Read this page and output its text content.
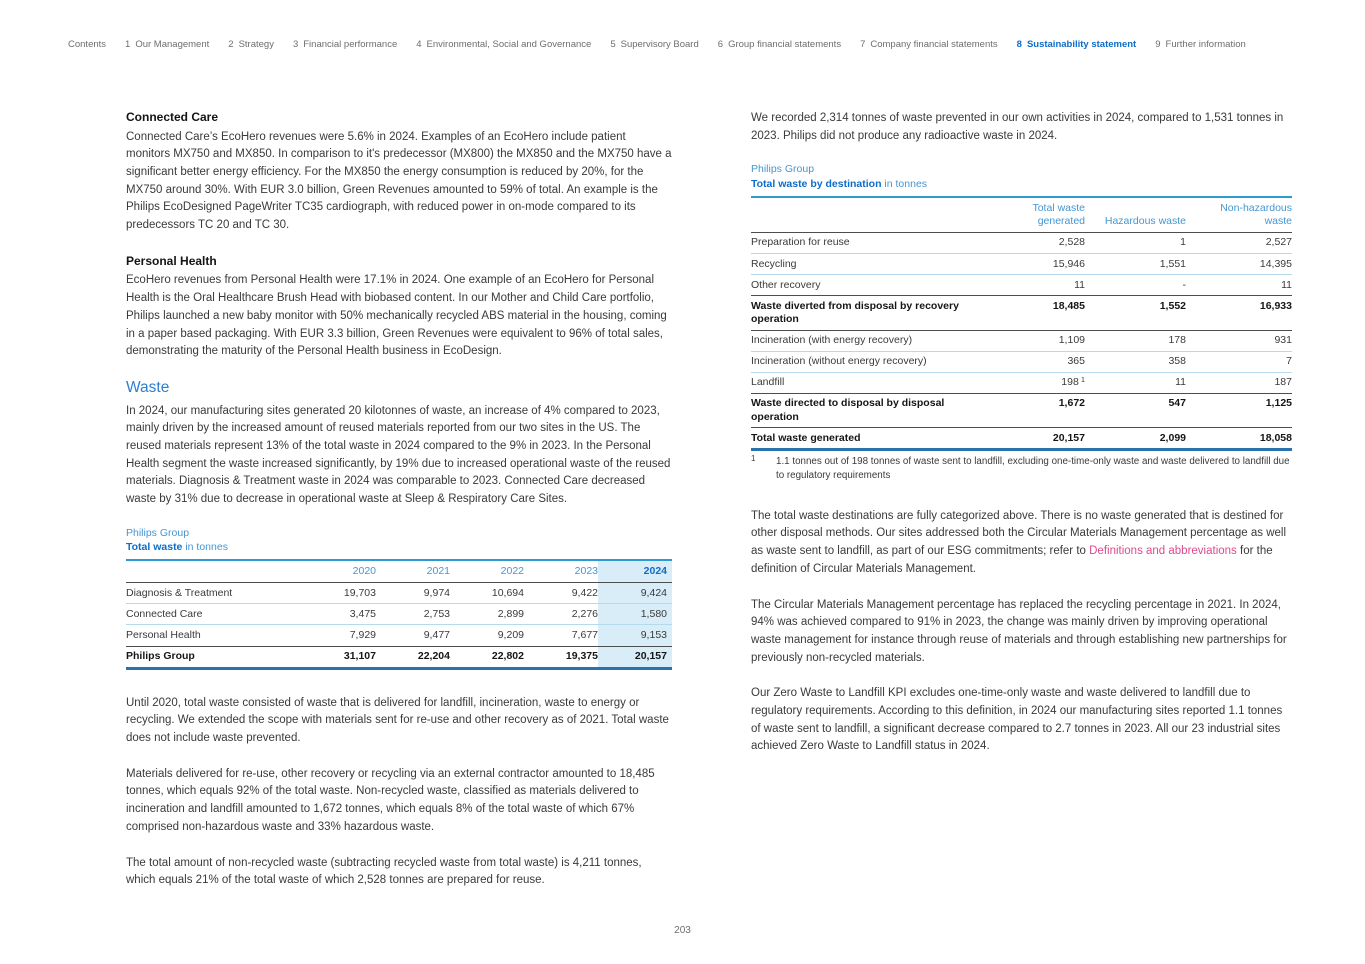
Contents 1 Our Management 2 Strategy 3 Financial performance 4 Environmental, Social and Governance 5 Supervisory Board 6 Group financial statements 7 Company financial statements 8 Sustainability statement 9 Further information
Connected Care

Connected Care’s EcoHero revenues were 5.6% in 2024. Examples of an EcoHero include patient monitors MX750 and MX850. In comparison to it's predecessor (MX800) the MX850 and the MX750 have a significant better energy efficiency. For the MX850 the energy consumption is reduced by 20%, for the MX750 around 30%. With EUR 3.0 billion, Green Revenues amounted to 59% of total. An example is the Philips EcoDesigned PageWriter TC35 cardiograph, with reduced power in on-mode compared to its predecessors TC 20 and TC 30.

Personal Health

EcoHero revenues from Personal Health were 17.1% in 2024. One example of an EcoHero for Personal Health is the Oral Healthcare Brush Head with biobased content. In our Mother and Child Care portfolio, Philips launched a new baby monitor with 50% mechanically recycled ABS material in the housing, coming in a paper based packaging. With EUR 3.3 billion, Green Revenues were equivalent to 96% of total sales, demonstrating the maturity of the Personal Health business in EcoDesign.

Waste

In 2024, our manufacturing sites generated 20 kilotonnes of waste, an increase of 4% compared to 2023, mainly driven by the increased amount of reused materials reported from our two sites in the US. The reused materials represent 13% of the total waste in 2024 compared to the 9% in 2023. In the Personal Health segment the waste increased significantly, by 19% due to increased operational waste of the reused materials. Diagnosis & Treatment waste in 2024 was comparable to 2023. Connected Care decreased waste by 31% due to decrease in operational waste at Sleep & Respiratory Care Sites.

Philips Group
Total waste in tonnes
	2020	2021	2022	2023	2024
Diagnosis & Treatment	19,703	9,974	10,694	9,422	9,424
Connected Care	3,475	2,753	2,899	2,276	1,580
Personal Health	7,929	9,477	9,209	7,677	9,153
Philips Group	31,107	22,204	22,802	19,375	20,157

Until 2020, total waste consisted of waste that is delivered for landfill, incineration, waste to energy or recycling. We extended the scope with materials sent for re-use and other recovery as of 2021. Total waste does not include waste prevented.

Materials delivered for re-use, other recovery or recycling via an external contractor amounted to 18,485 tonnes, which equals 92% of the total waste. Non-recycled waste, classified as materials delivered to incineration and landfill amounted to 1,672 tonnes, which equals 8% of the total waste of which 67% comprised non-hazardous waste and 33% hazardous waste.

The total amount of non-recycled waste (subtracting recycled waste from total waste) is 4,211 tonnes, which equals 21% of the total waste of which 2,528 tonnes are prepared for reuse.

We recorded 2,314 tonnes of waste prevented in our own activities in 2024, compared to 1,531 tonnes in 2023. Philips did not produce any radioactive waste in 2024.

Philips Group
Total waste by destination in tonnes
	Total waste generated	Hazardous waste	Non-hazardous waste
Preparation for reuse	2,528	1	2,527
Recycling	15,946	1,551	14,395
Other recovery	11	-	11
Waste diverted from disposal by recovery operation	18,485	1,552	16,933
Incineration (with energy recovery)	1,109	178	931
Incineration (without energy recovery)	365	358	7
Landfill	198 $^1$	11	187
Waste directed to disposal by disposal operation	1,672	547	1,125
Total waste generated	20,157	2,099	18,058
1	1.1 tonnes out of 198 tonnes of waste sent to landfill, excluding one-time-only waste and waste delivered to landfill due to regulatory requirements

The total waste destinations are fully categorized above. There is no waste generated that is destined for other disposal methods. Our sites addressed both the Circular Materials Management percentage as well as waste sent to landfill, as part of our ESG commitments; refer to Definitions and abbreviations for the definition of Circular Materials Management.

The Circular Materials Management percentage has replaced the recycling percentage in 2021. In 2024, 94% was achieved compared to 91% in 2023, the change was mainly driven by improving operational waste management for instance through reuse of materials and through establishing new partnerships for previously non-recycled materials.

Our Zero Waste to Landfill KPI excludes one-time-only waste and waste delivered to landfill due to regulatory requirements. According to this definition, in 2024 our manufacturing sites reported 1.1 tonnes of waste sent to landfill, a significant decrease compared to 2.7 tonnes in 2023. All our 23 industrial sites achieved Zero Waste to Landfill status in 2024.

203
